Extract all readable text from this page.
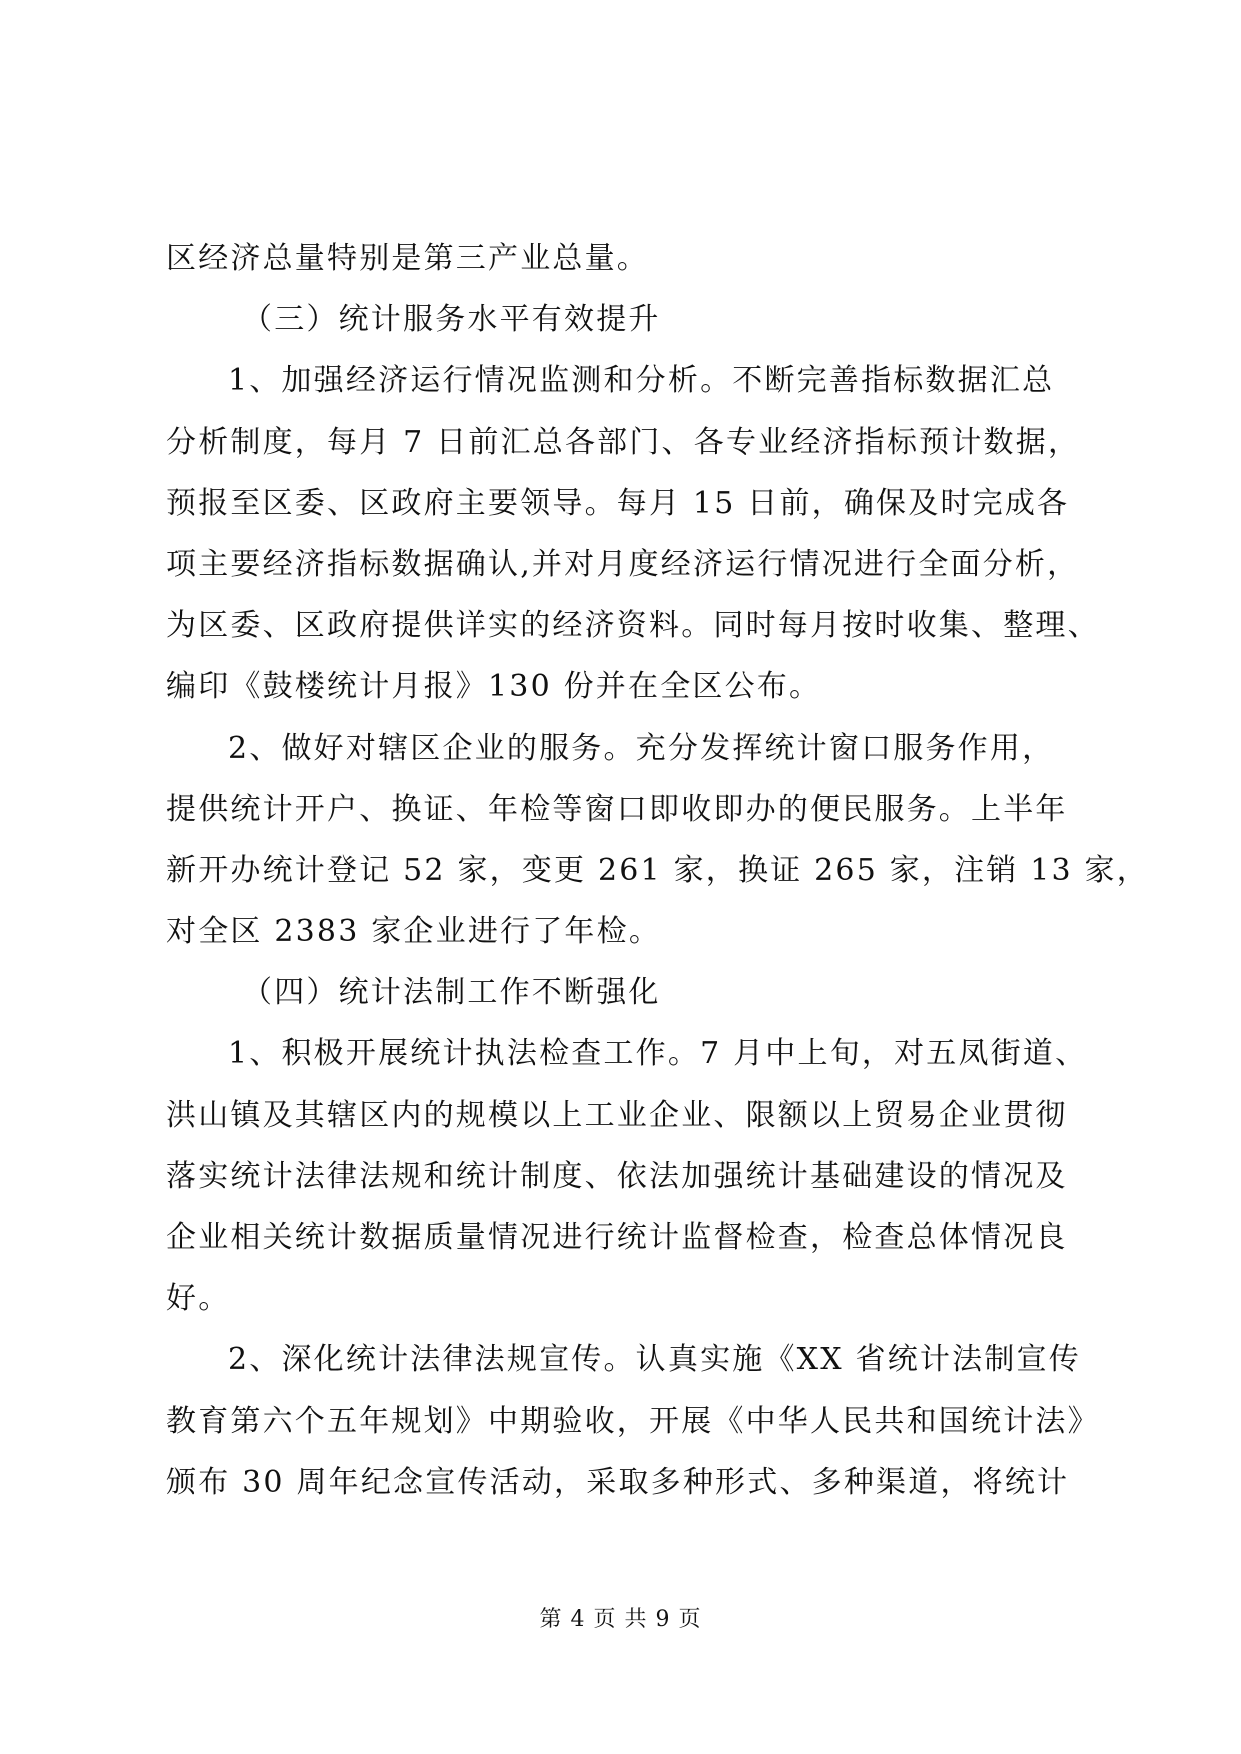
区经济总量特别是第三产业总量。
（三）统计服务水平有效提升
1、加强经济运行情况监测和分析。不断完善指标数据汇总
分析制度，每月 7 日前汇总各部门、各专业经济指标预计数据，
预报至区委、区政府主要领导。每月 15 日前，确保及时完成各
项主要经济指标数据确认,并对月度经济运行情况进行全面分析，
为区委、区政府提供详实的经济资料。同时每月按时收集、整理、
编印《鼓楼统计月报》130 份并在全区公布。
2、做好对辖区企业的服务。充分发挥统计窗口服务作用，
提供统计开户、换证、年检等窗口即收即办的便民服务。上半年
新开办统计登记 52 家，变更 261 家，换证 265 家，注销 13 家，
对全区 2383 家企业进行了年检。
（四）统计法制工作不断强化
1、积极开展统计执法检查工作。7 月中上旬，对五凤街道、
洪山镇及其辖区内的规模以上工业企业、限额以上贸易企业贯彻
落实统计法律法规和统计制度、依法加强统计基础建设的情况及
企业相关统计数据质量情况进行统计监督检查，检查总体情况良
好。
2、深化统计法律法规宣传。认真实施《XX 省统计法制宣传
教育第六个五年规划》中期验收，开展《中华人民共和国统计法》
颁布 30 周年纪念宣传活动，采取多种形式、多种渠道，将统计
第 4 页 共 9 页
